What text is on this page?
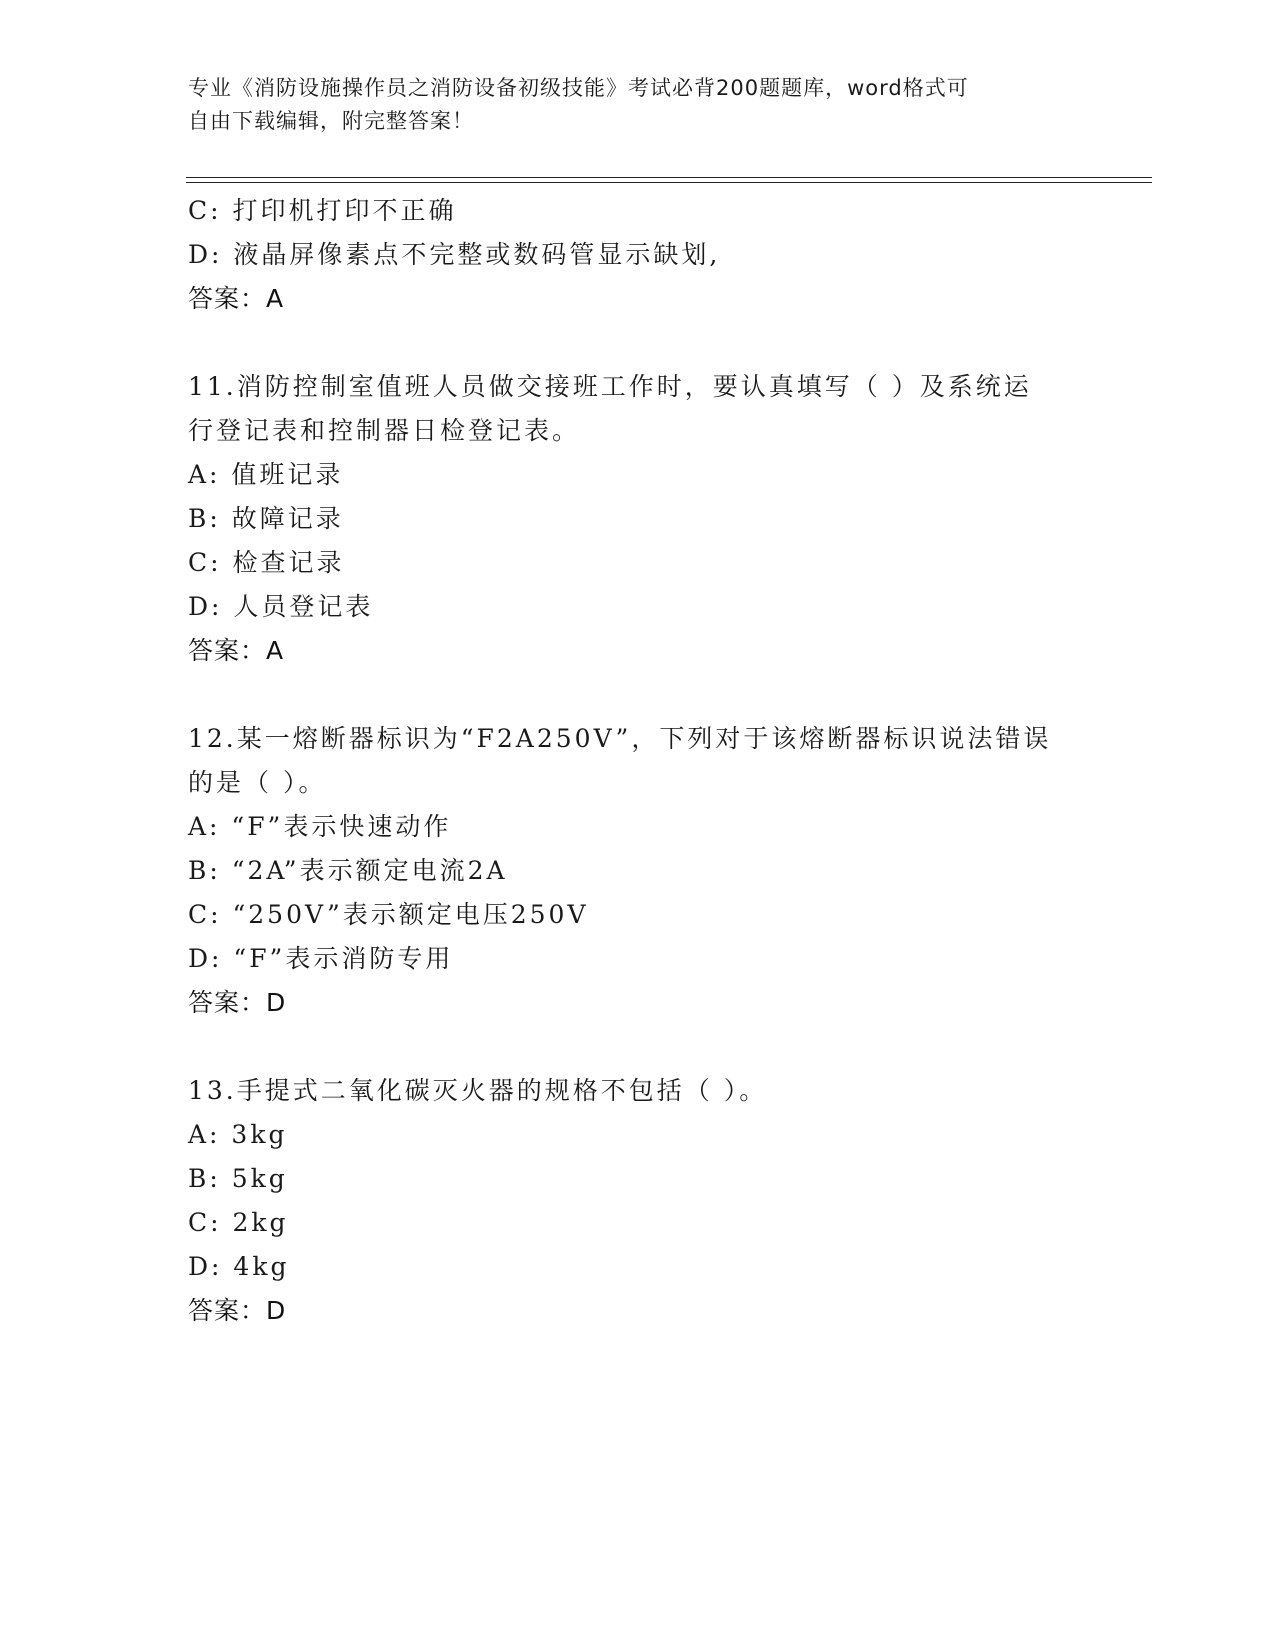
专业《消防设施操作员之消防设备初级技能》考试必背200题题库，word格式可
自由下载编辑，附完整答案！
C: 打印机打印不正确
D: 液晶屏像素点不完整或数码管显示缺划,
答案：A
11.消防控制室值班人员做交接班工作时，要认真填写（ ）及系统运
行登记表和控制器日检登记表。
A: 值班记录
B: 故障记录
C: 检查记录
D: 人员登记表
答案：A
12.某一熔断器标识为“F2A250V”，下列对于该熔断器标识说法错误
的是（ ）。
A: “F”表示快速动作
B: “2A”表示额定电流2A
C: “250V”表示额定电压250V
D: “F”表示消防专用
答案：D
13.手提式二氧化碳灭火器的规格不包括（ ）。
A: 3kg
B: 5kg
C: 2kg
D: 4kg
答案：D
